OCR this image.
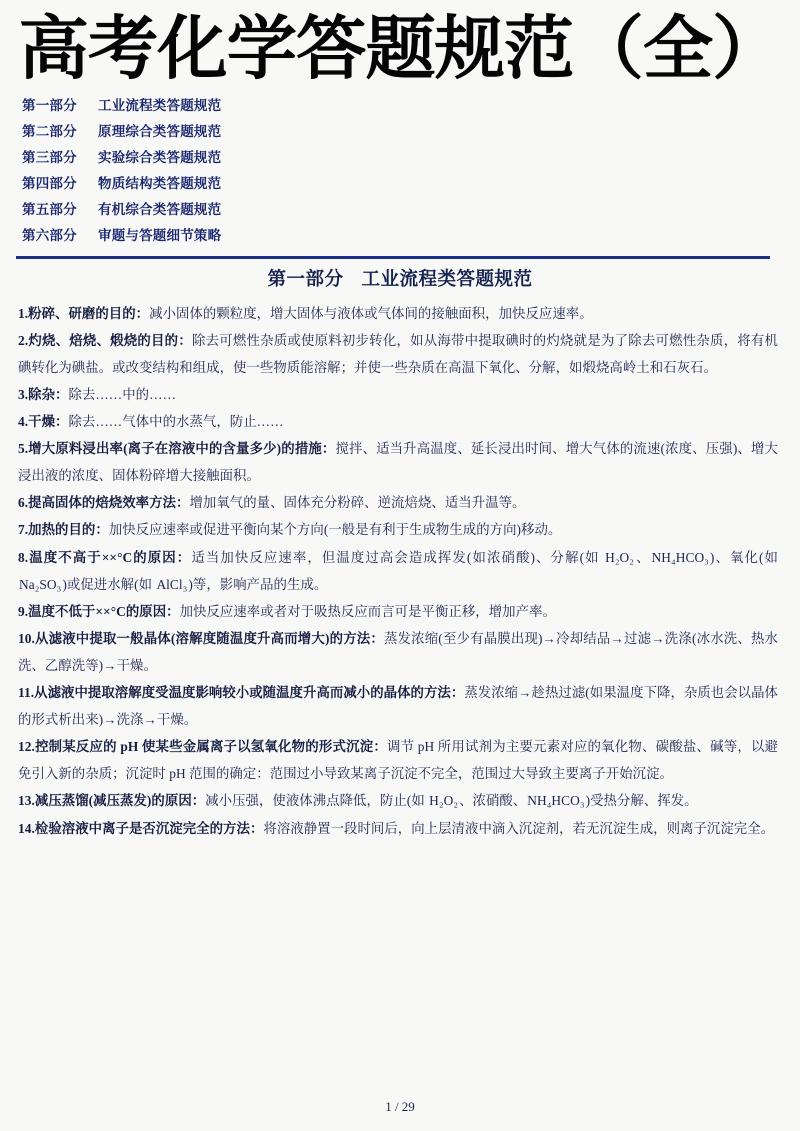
高考化学答题规范（全）
第一部分	工业流程类答题规范
第二部分	原理综合类答题规范
第三部分	实验综合类答题规范
第四部分	物质结构类答题规范
第五部分	有机综合类答题规范
第六部分	审题与答题细节策略
第一部分 工业流程类答题规范
1.粉碎、研磨的目的：减小固体的颗粒度，增大固体与液体或气体间的接触面积，加快反应速率。
2.灼烧、焙烧、煅烧的目的：除去可燃性杂质或使原料初步转化，如从海带中提取碘时的灼烧就是为了除去可燃性杂质，将有机碘转化为碘盐。或改变结构和组成，使一些物质能溶解；并使一些杂质在高温下氧化、分解，如煅烧高岭土和石灰石。
3.除杂：除去……中的……
4.干燥：除去……气体中的水蒸气，防止……
5.增大原料浸出率(离子在溶液中的含量多少)的措施：搅拌、适当升高温度、延长浸出时间、增大气体的流速(浓度、压强)、增大浸出液的浓度、固体粉碎增大接触面积。
6.提高固体的焙烧效率方法：增加氧气的量、固体充分粉碎、逆流焙烧、适当升温等。
7.加热的目的：加快反应速率或促进平衡向某个方向(一般是有利于生成物生成的方向)移动。
8.温度不高于××°C的原因：适当加快反应速率，但温度过高会造成挥发(如浓硝酸)、分解(如 H₂O₂、NH₄HCO₃)、氧化(如 Na₂SO₃)或促进水解(如 AlCl₃)等，影响产品的生成。
9.温度不低于××°C的原因：加快反应速率或者对于吸热反应而言可是平衡正移，增加产率。
10.从滤液中提取一般晶体(溶解度随温度升高而增大)的方法：蒸发浓缩(至少有晶膜出现)→冷却结品→过滤→洗涤(冰水洗、热水洗、乙醇洗等)→干燥。
11.从滤液中提取溶解度受温度影响较小或随温度升高而减小的晶体的方法：蒸发浓缩→趁热过滤(如果温度下降，杂质也会以晶体的形式析出来)→洗涤→干燥。
12.控制某反应的 pH 使某些金属离子以氢氧化物的形式沉淀：调节 pH 所用试剂为主要元素对应的氧化物、碳酸盐、碱等，以避免引入新的杂质；沉淀时 pH 范围的确定：范围过小导致某离子沉淀不完全，范围过大导致主要离子开始沉淀。
13.减压蒸馏(减压蒸发)的原因：减小压强，使液体沸点降低，防止(如 H₂O₂、浓硝酸、NH₄HCO₃)受热分解、挥发。
14.检验溶液中离子是否沉淀完全的方法：将溶液静置一段时间后，向上层清液中滴入沉淀剂，若无沉淀生成，则离子沉淀完全。
1 / 29
